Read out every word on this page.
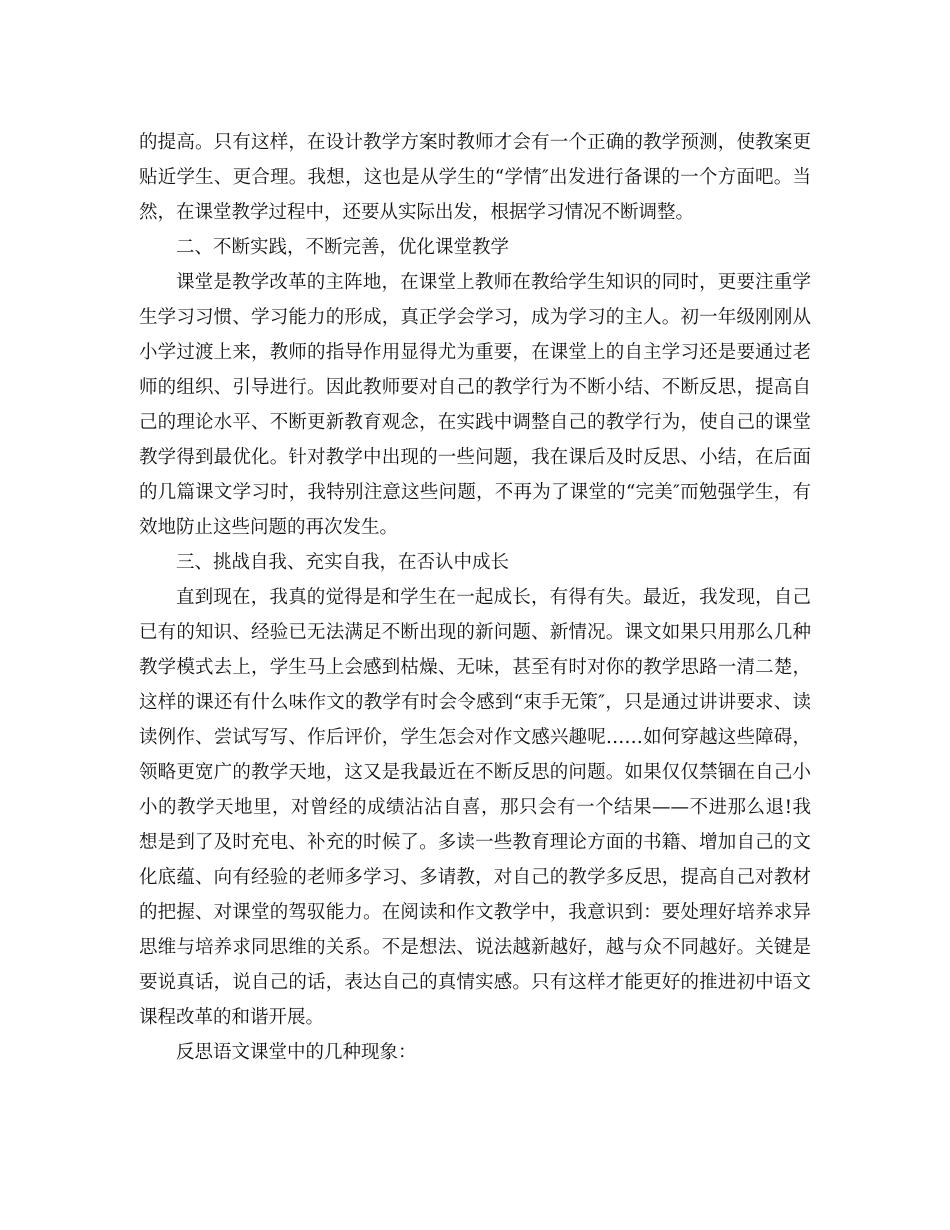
的提高。只有这样，在设计教学方案时教师才会有一个正确的教学预测，使教案更贴近学生、更合理。我想，这也是从学生的“学情″出发进行备课的一个方面吧。当然，在课堂教学过程中，还要从实际出发，根据学习情况不断调整。

二、不断实践，不断完善，优化课堂教学

课堂是教学改革的主阵地，在课堂上教师在教给学生知识的同时，更要注重学生学习习惯、学习能力的形成，真正学会学习，成为学习的主人。初一年级刚刚从小学过渡上来，教师的指导作用显得尤为重要，在课堂上的自主学习还是要通过老师的组织、引导进行。因此教师要对自己的教学行为不断小结、不断反思，提高自己的理论水平、不断更新教育观念，在实践中调整自己的教学行为，使自己的课堂教学得到最优化。针对教学中出现的一些问题，我在课后及时反思、小结，在后面的几篇课文学习时，我特别注意这些问题，不再为了课堂的“完美″而勉强学生，有效地防止这些问题的再次发生。

三、挑战自我、充实自我，在否认中成长

直到现在，我真的觉得是和学生在一起成长，有得有失。最近，我发现，自己已有的知识、经验已无法满足不断出现的新问题、新情况。课文如果只用那么几种教学模式去上，学生马上会感到枯燥、无味，甚至有时对你的教学思路一清二楚，这样的课还有什么味作文的教学有时会令感到“束手无策″，只是通过讲讲要求、读读例作、尝试写写、作后评价，学生怎会对作文感兴趣呢……如何穿越这些障碍，领略更宽广的教学天地，这又是我最近在不断反思的问题。如果仅仅禁锢在自己小小的教学天地里，对曾经的成绩沾沾自喜，那只会有一个结果——不进那么退!我想是到了及时充电、补充的时候了。多读一些教育理论方面的书籍、增加自己的文化底蕴、向有经验的老师多学习、多请教，对自己的教学多反思，提高自己对教材的把握、对课堂的驾驭能力。在阅读和作文教学中，我意识到：要处理好培养求异思维与培养求同思维的关系。不是想法、说法越新越好，越与众不同越好。关键是要说真话，说自己的话，表达自己的真情实感。只有这样才能更好的推进初中语文课程改革的和谐开展。

反思语文课堂中的几种现象：
